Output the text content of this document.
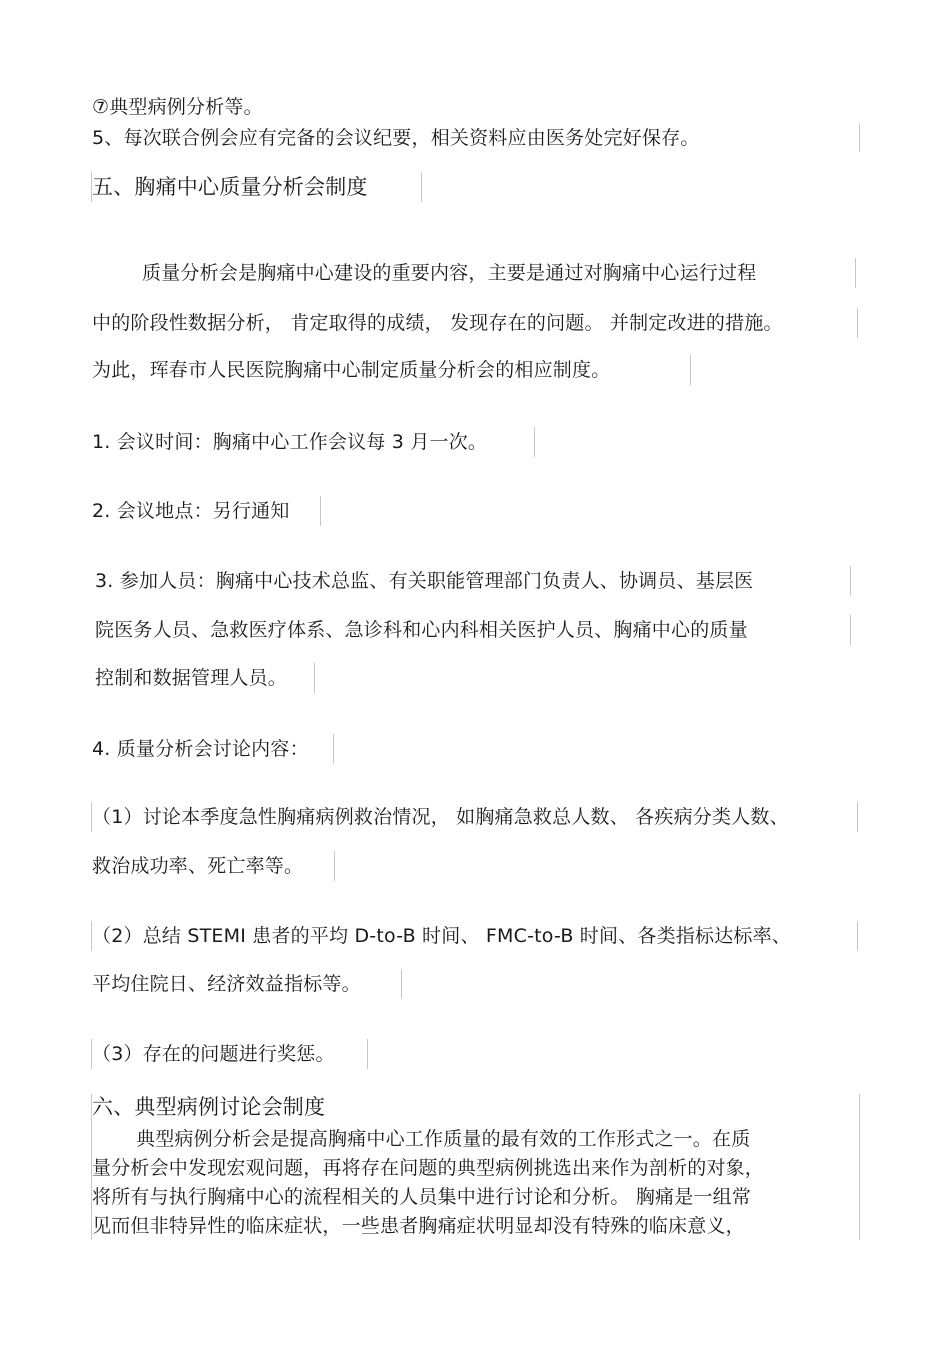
⑦典型病例分析等。
5、每次联合例会应有完备的会议纪要，相关资料应由医务处完好保存。
五、胸痛中心质量分析会制度
质量分析会是胸痛中心建设的重要内容，主要是通过对胸痛中心运行过程
中的阶段性数据分析， 肯定取得的成绩， 发现存在的问题。 并制定改进的措施。
为此，珲春市人民医院胸痛中心制定质量分析会的相应制度。
1. 会议时间：胸痛中心工作会议每 3 月一次。
2. 会议地点：另行通知
3. 参加人员：胸痛中心技术总监、有关职能管理部门负责人、协调员、基层医
院医务人员、急救医疗体系、急诊科和心内科相关医护人员、胸痛中心的质量
控制和数据管理人员。
4. 质量分析会讨论内容：
（1）讨论本季度急性胸痛病例救治情况， 如胸痛急救总人数、 各疾病分类人数、
救治成功率、死亡率等。
（2）总结 STEMI 患者的平均 D-to-B 时间、 FMC-to-B 时间、各类指标达标率、
平均住院日、经济效益指标等。
（3）存在的问题进行奖惩。
六、典型病例讨论会制度
典型病例分析会是提高胸痛中心工作质量的最有效的工作形式之一。在质
量分析会中发现宏观问题，再将存在问题的典型病例挑选出来作为剖析的对象，
将所有与执行胸痛中心的流程相关的人员集中进行讨论和分析。 胸痛是一组常
见而但非特异性的临床症状，一些患者胸痛症状明显却没有特殊的临床意义，
